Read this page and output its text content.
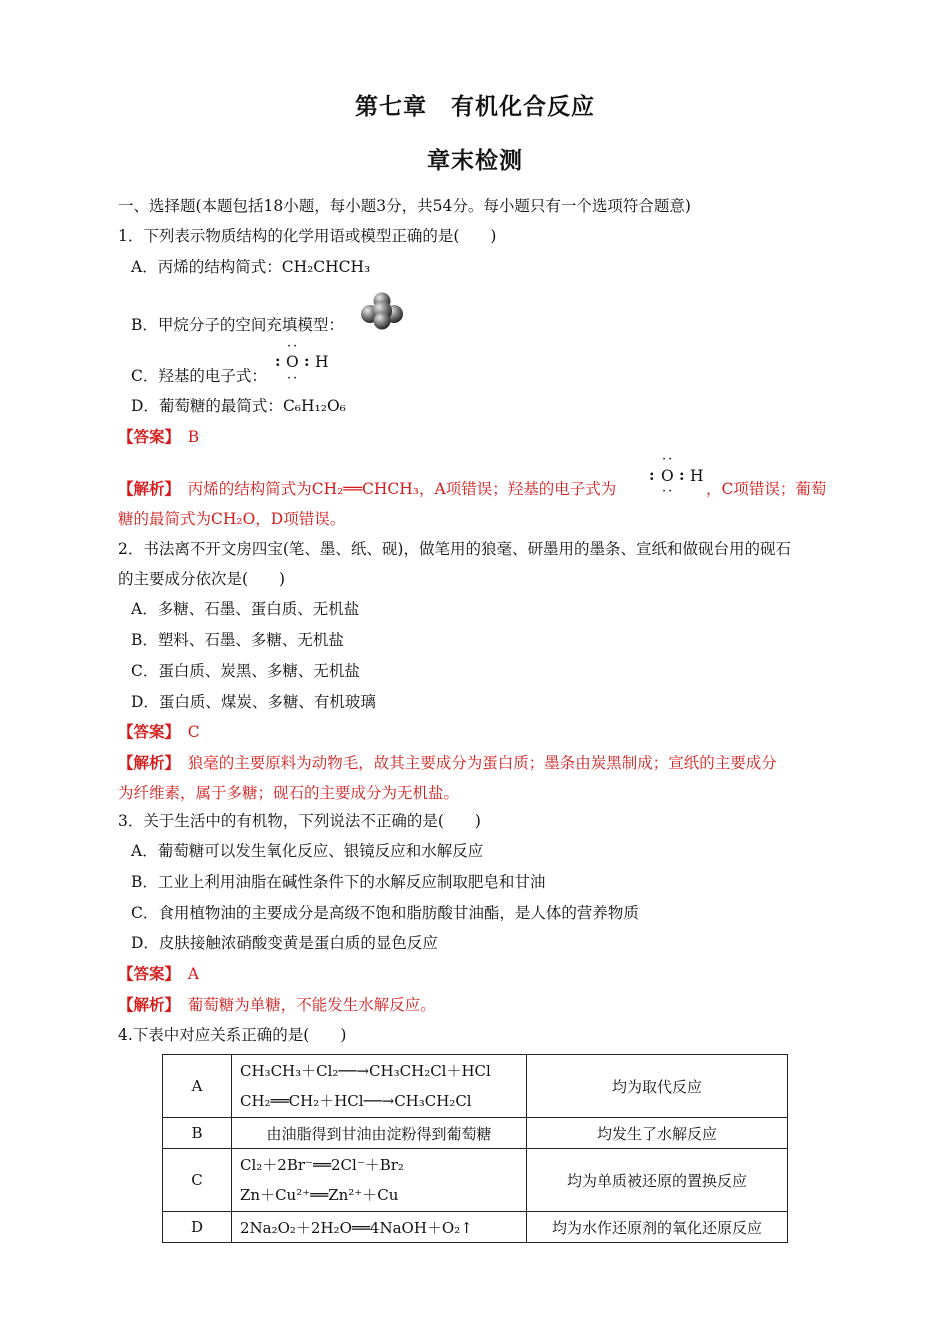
第七章　有机化合反应
章末检测
一、选择题(本题包括18小题，每小题3分，共54分。每小题只有一个选项符合题意)
1．下列表示物质结构的化学用语或模型正确的是(　　)
A．丙烯的结构简式：CH₂CHCH₃
B．甲烷分子的空间充填模型：
C．羟基的电子式：
··
: O : H
··
D．葡萄糖的最简式：C₆H₁₂O₆
【答案】　 B
【解析】　 丙烯的结构简式为CH₂══CHCH₃，A项错误；羟基的电子式为
··
: O : H
·· ，C项错误；葡萄
糖的最简式为CH₂O，D项错误。
2．书法离不开文房四宝(笔、墨、纸、砚)，做笔用的狼毫、研墨用的墨条、宣纸和做砚台用的砚石
的主要成分依次是(　　)
A．多糖、石墨、蛋白质、无机盐
B．塑料、石墨、多糖、无机盐
C．蛋白质、炭黑、多糖、无机盐
D．蛋白质、煤炭、多糖、有机玻璃
【答案】　 C
【解析】　 狼毫的主要原料为动物毛，故其主要成分为蛋白质；墨条由炭黑制成；宣纸的主要成分
为纤维素，属于多糖；砚石的主要成分为无机盐。
3．关于生活中的有机物，下列说法不正确的是(　　)
A．葡萄糖可以发生氧化反应、银镜反应和水解反应
B．工业上利用油脂在碱性条件下的水解反应制取肥皂和甘油
C．食用植物油的主要成分是高级不饱和脂肪酸甘油酯，是人体的营养物质
D．皮肤接触浓硝酸变黄是蛋白质的显色反应
【答案】　 A
【解析】　 葡萄糖为单糖，不能发生水解反应。
4.下表中对应关系正确的是(　　)
A	CH₃CH₃＋Cl₂──→CH₃CH₂Cl＋HCl
CH₂══CH₂＋HCl──→CH₃CH₂Cl	均为取代反应
B	由油脂得到甘油由淀粉得到葡萄糖	均发生了水解反应
C	Cl₂＋2Br⁻══2Cl⁻＋Br₂
Zn＋Cu²⁺══Zn²⁺＋Cu	均为单质被还原的置换反应
D	2Na₂O₂＋2H₂O══4NaOH＋O₂↑	均为水作还原剂的氧化还原反应
